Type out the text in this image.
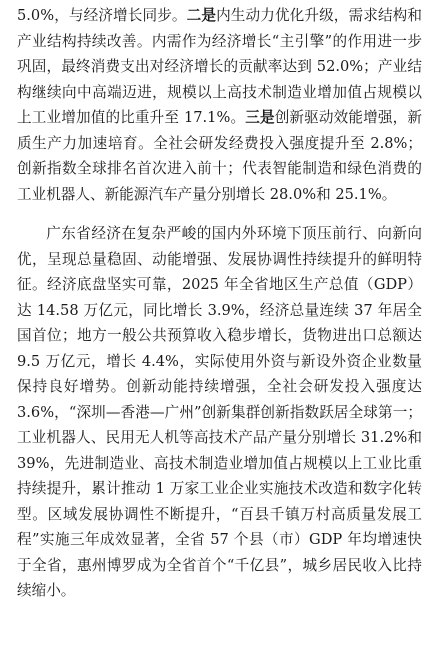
5.0%，与经济增长同步。二是内生动力优化升级，需求结构和产业结构持续改善。内需作为经济增长“主引擎”的作用进一步巩固，最终消费支出对经济增长的贡献率达到 52.0%；产业结构继续向中高端迈进，规模以上高技术制造业增加值占规模以上工业增加值的比重升至 17.1%。三是创新驱动效能增强，新质生产力加速培育。全社会研发经费投入强度提升至 2.8%；创新指数全球排名首次进入前十；代表智能制造和绿色消费的工业机器人、新能源汽车产量分别增长 28.0%和 25.1%。

广东省经济在复杂严峻的国内外环境下顶压前行、向新向优，呈现总量稳固、动能增强、发展协调性持续提升的鲜明特征。经济底盘坚实可靠，2025 年全省地区生产总值（GDP）达 14.58 万亿元，同比增长 3.9%，经济总量连续 37 年居全国首位；地方一般公共预算收入稳步增长，货物进出口总额达 9.5 万亿元，增长 4.4%，实际使用外资与新设外资企业数量保持良好增势。创新动能持续增强，全社会研发投入强度达 3.6%，“深圳—香港—广州”创新集群创新指数跃居全球第一；工业机器人、民用无人机等高技术产品产量分别增长 31.2%和 39%，先进制造业、高技术制造业增加值占规模以上工业比重持续提升，累计推动 1 万家工业企业实施技术改造和数字化转型。区域发展协调性不断提升，“百县千镇万村高质量发展工程”实施三年成效显著，全省 57 个县（市）GDP 年均增速快于全省，惠州博罗成为全省首个“千亿县”，城乡居民收入比持续缩小。
